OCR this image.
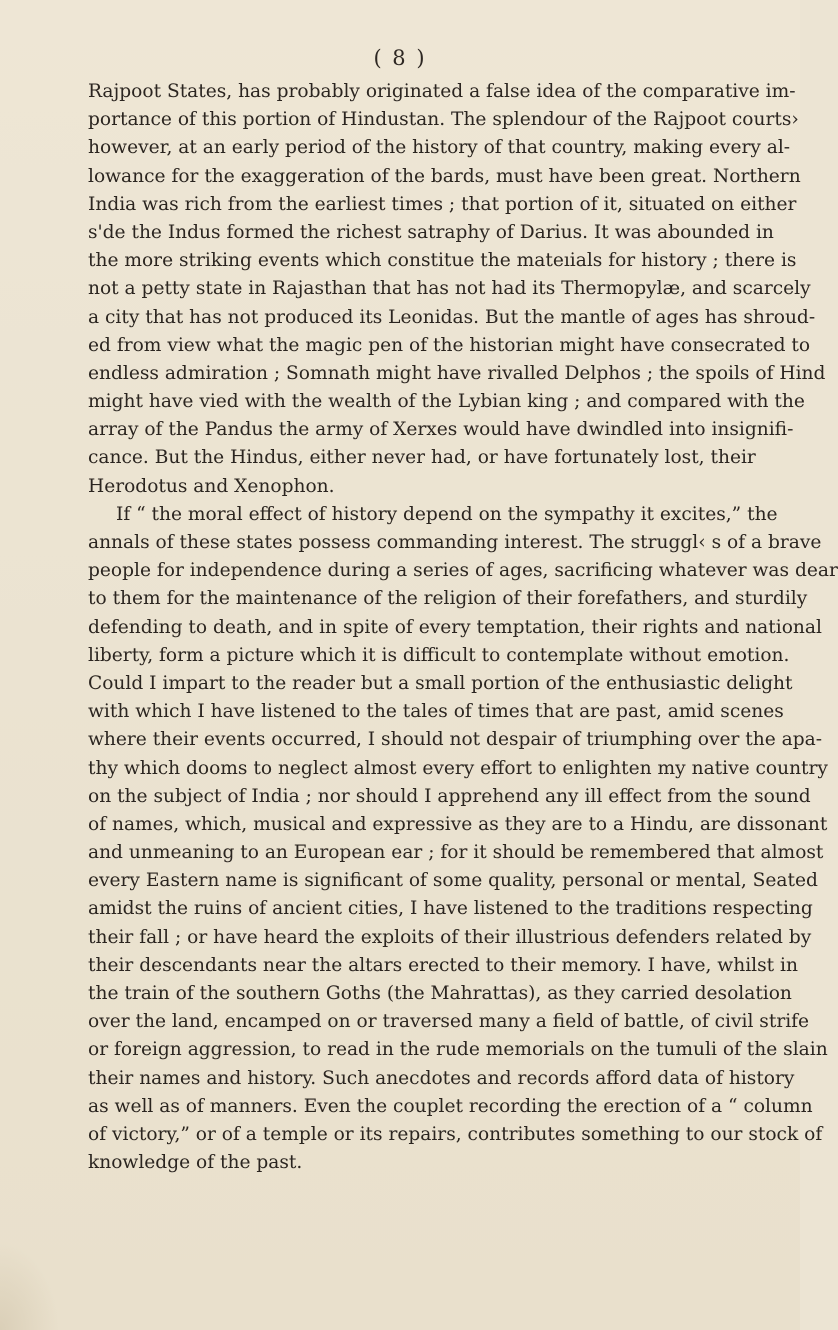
( 8 )
Rajpoot States, has probably originated a false idea of the comparative im-
portance of this portion of Hindustan. The splendour of the Rajpoot courts›
however, at an early period of the history of that country, making every al-
lowance for the exaggeration of the bards, must have been great. Northern
India was rich from the earliest times ; that portion of it, situated on either
s'de the Indus formed the richest satraphy of Darius. It was abounded in
the more striking events which constitue the mateıials for history ; there is
not a petty state in Rajasthan that has not had its Thermopylæ, and scarcely
a city that has not produced its Leonidas. But the mantle of ages has shroud-
ed from view what the magic pen of the historian might have consecrated to
endless admiration ; Somnath might have rivalled Delphos ; the spoils of Hind
might have vied with the wealth of the Lybian king ; and compared with the
array of the Pandus the army of Xerxes would have dwindled into insignifi-
cance. But the Hindus, either never had, or have fortunately lost, their
Herodotus and Xenophon.
If “ the moral effect of history depend on the sympathy it excites,” the
annals of these states possess commanding interest. The struggl‹ s of a brave
people for independence during a series of ages, sacrificing whatever was dear
to them for the maintenance of the religion of their forefathers, and sturdily
defending to death, and in spite of every temptation, their rights and national
liberty, form a picture which it is difficult to contemplate without emotion.
Could I impart to the reader but a small portion of the enthusiastic delight
with which I have listened to the tales of times that are past, amid scenes
where their events occurred, I should not despair of triumphing over the apa-
thy which dooms to neglect almost every effort to enlighten my native country
on the subject of India ; nor should I apprehend any ill effect from the sound
of names, which, musical and expressive as they are to a Hindu, are dissonant
and unmeaning to an European ear ; for it should be remembered that almost
every Eastern name is significant of some quality, personal or mental, Seated
amidst the ruins of ancient cities, I have listened to the traditions respecting
their fall ; or have heard the exploits of their illustrious defenders related by
their descendants near the altars erected to their memory. I have, whilst in
the train of the southern Goths (the Mahrattas), as they carried desolation
over the land, encamped on or traversed many a field of battle, of civil strife
or foreign aggression, to read in the rude memorials on the tumuli of the slain
their names and history. Such anecdotes and records afford data of history
as well as of manners. Even the couplet recording the erection of a “ column
of victory,” or of a temple or its repairs, contributes something to our stock of
knowledge of the past.
